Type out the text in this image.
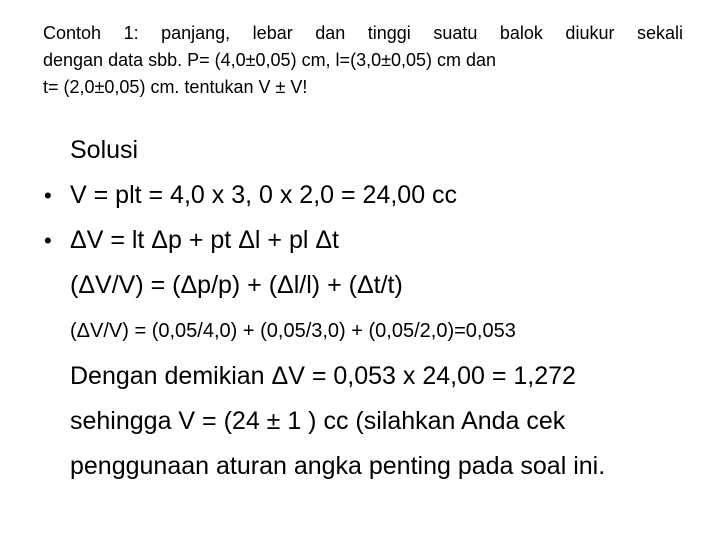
Contoh 1: panjang, lebar dan tinggi suatu balok diukur sekali
dengan data sbb. P= (4,0±0,05) cm, l=(3,0±0,05) cm dan
t= (2,0±0,05) cm. tentukan V ± V!
Solusi
• V = plt = 4,0 x 3, 0 x 2,0 = 24,00 cc
• ΔV = lt Δp + pt Δl + pl Δt
(ΔV/V) = (Δp/p) + (Δl/l) + (Δt/t)
(ΔV/V) = (0,05/4,0) + (0,05/3,0) + (0,05/2,0)=0,053
Dengan demikian ΔV = 0,053 x 24,00 = 1,272
sehingga V = (24 ± 1 ) cc (silahkan Anda cek
penggunaan aturan angka penting pada soal ini.
